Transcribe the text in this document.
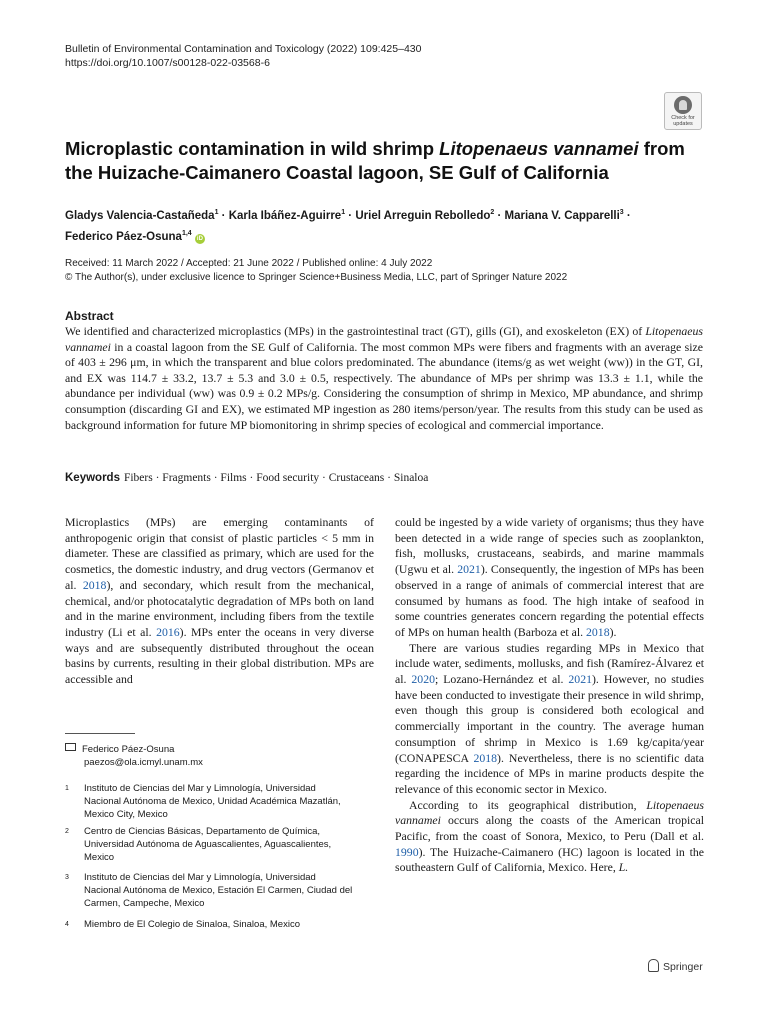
Bulletin of Environmental Contamination and Toxicology (2022) 109:425–430
https://doi.org/10.1007/s00128-022-03568-6
Check for
updates
Microplastic contamination in wild shrimp Litopenaeus vannamei from the Huizache-Caimanero Coastal lagoon, SE Gulf of California
Gladys Valencia-Castañeda$^1$ · Karla Ibáñez-Aguirre$^1$ · Uriel Arreguin Rebolledo$^2$ · Mariana V. Capparelli$^3$ ·
Federico Páez-Osuna$^{1,4}$ iD
Received: 11 March 2022 / Accepted: 21 June 2022 / Published online: 4 July 2022
© The Author(s), under exclusive licence to Springer Science+Business Media, LLC, part of Springer Nature 2022
Abstract
We identified and characterized microplastics (MPs) in the gastrointestinal tract (GT), gills (GI), and exoskeleton (EX) of Litopenaeus vannamei in a coastal lagoon from the SE Gulf of California. The most common MPs were fibers and fragments with an average size of 403 ± 296 μm, in which the transparent and blue colors predominated. The abundance (items/g as wet weight (ww)) in the GT, GI, and EX was 114.7 ± 33.2, 13.7 ± 5.3 and 3.0 ± 0.5, respectively. The abundance of MPs per shrimp was 13.3 ± 1.1, while the abundance per individual (ww) was 0.9 ± 0.2 MPs/g. Considering the consumption of shrimp in Mexico, MP abundance, and shrimp consumption (discarding GI and EX), we estimated MP ingestion as 280 items/person/year. The results from this study can be used as background information for future MP biomonitoring in shrimp species of ecological and commercial importance.
Keywords Fibers · Fragments · Films · Food security · Crustaceans · Sinaloa

Microplastics (MPs) are emerging contaminants of anthropogenic origin that consist of plastic particles < 5 mm in diameter. These are classified as primary, which are used for the cosmetics, the domestic industry, and drug vectors (Germanov et al. 2018), and secondary, which result from the mechanical, chemical, and/or photocatalytic degradation of MPs both on land and in the marine environment, including fibers from the textile industry (Li et al. 2016). MPs enter the oceans in very diverse ways and are subsequently distributed throughout the ocean basins by currents, resulting in their global distribution. MPs are accessible and

could be ingested by a wide variety of organisms; thus they have been detected in a wide range of species such as zooplankton, fish, mollusks, crustaceans, seabirds, and marine mammals (Ugwu et al. 2021). Consequently, the ingestion of MPs has been observed in a range of animals of commercial interest that are consumed by humans as food. The high intake of seafood in some countries generates concern regarding the potential effects of MPs on human health (Barboza et al. 2018).

There are various studies regarding MPs in Mexico that include water, sediments, mollusks, and fish (Ramírez-Álvarez et al. 2020; Lozano-Hernández et al. 2021). However, no studies have been conducted to investigate their presence in wild shrimp, even though this group is considered both ecological and commercially important in the country. The average human consumption of shrimp in Mexico is 1.69 kg/capita/year (CONAPESCA 2018). Nevertheless, there is no scientific data regarding the incidence of MPs in marine products despite the relevance of this economic sector in Mexico.

According to its geographical distribution, Litopenaeus vannamei occurs along the coasts of the American tropical Pacific, from the coast of Sonora, Mexico, to Peru (Dall et al. 1990). The Huizache-Caimanero (HC) lagoon is located in the southeastern Gulf of California, Mexico. Here, L.

Federico Páez-Osuna
paezos@ola.icmyl.unam.mx
1 Instituto de Ciencias del Mar y Limnología, Universidad Nacional Autónoma de Mexico, Unidad Académica Mazatlán, Mexico City, Mexico
2 Centro de Ciencias Básicas, Departamento de Química, Universidad Autónoma de Aguascalientes, Aguascalientes, Mexico
3 Instituto de Ciencias del Mar y Limnología, Universidad Nacional Autónoma de Mexico, Estación El Carmen, Ciudad del Carmen, Campeche, Mexico
4 Miembro de El Colegio de Sinaloa, Sinaloa, Mexico
Springer
